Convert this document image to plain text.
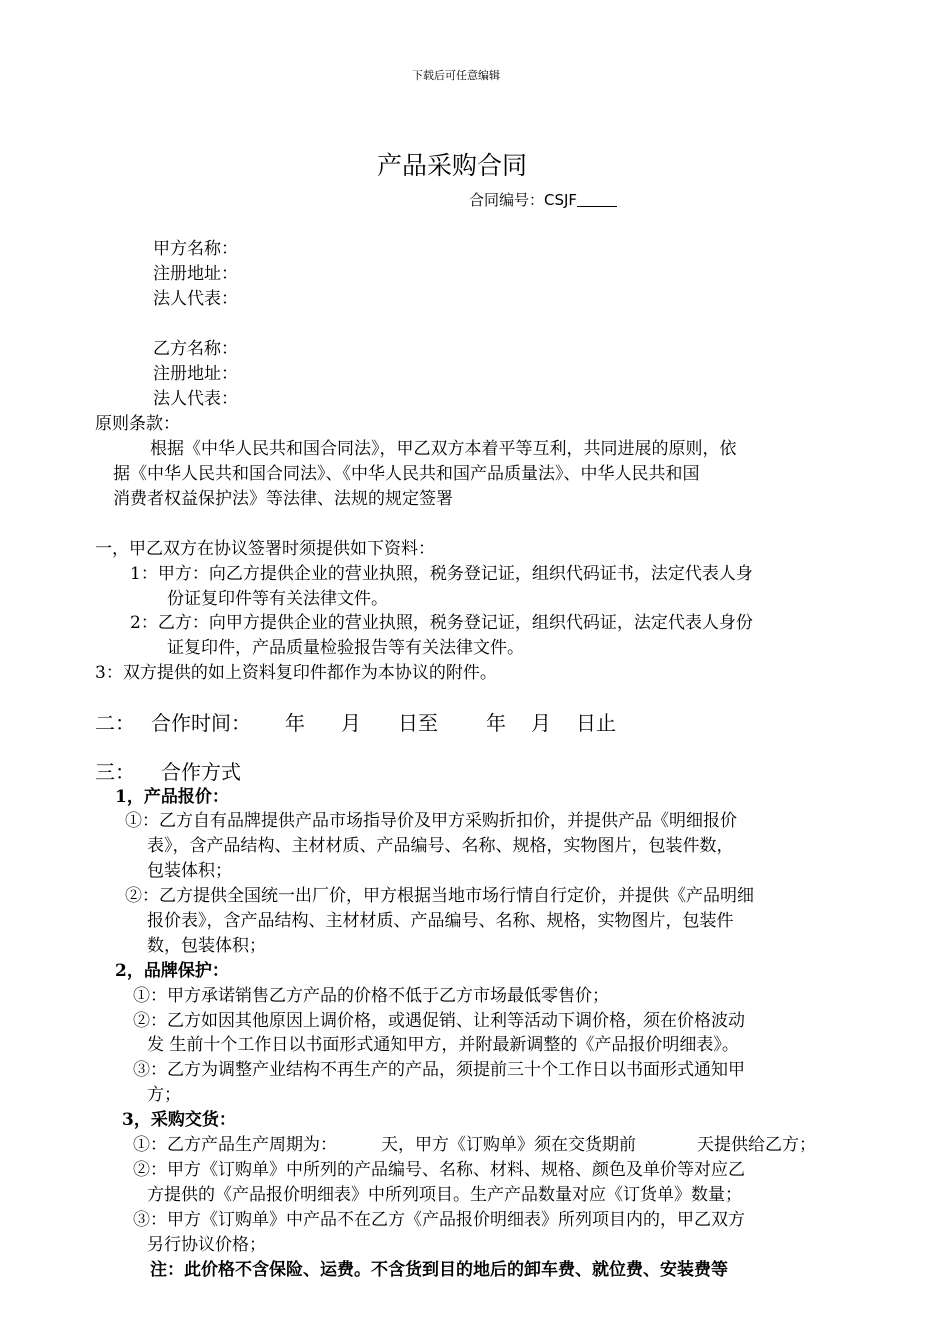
下载后可任意编辑
产品采购合同
合同编号：CSJF
甲方名称：
注册地址：
法人代表：
乙方名称：
注册地址：
法人代表：
原则条款：
根据《中华人民共和国合同法》，甲乙双方本着平等互利，共同进展的原则，依
据《中华人民共和国合同法》、《中华人民共和国产品质量法》、中华人民共和国
消费者权益保护法》等法律、法规的规定签署
一，甲乙双方在协议签署时须提供如下资料：
1：甲方：向乙方提供企业的营业执照，税务登记证，组织代码证书，法定代表人身
份证复印件等有关法律文件。
2：乙方：向甲方提供企业的营业执照，税务登记证，组织代码证，法定代表人身份
证复印件，产品质量检验报告等有关法律文件。
3：双方提供的如上资料复印件都作为本协议的附件。
二： 合作时间： 年 月 日至 年 月 日止
三： 合作方式
1，产品报价：
①：乙方自有品牌提供产品市场指导价及甲方采购折扣价，并提供产品《明细报价
表》，含产品结构、主材材质、产品编号、名称、规格，实物图片，包装件数，
包装体积；
②：乙方提供全国统一出厂价，甲方根据当地市场行情自行定价，并提供《产品明细
报价表》，含产品结构、主材材质、产品编号、名称、规格，实物图片，包装件
数，包装体积；
2，品牌保护：
①：甲方承诺销售乙方产品的价格不低于乙方市场最低零售价；
②：乙方如因其他原因上调价格，或遇促销、让利等活动下调价格，须在价格波动
发 生前十个工作日以书面形式通知甲方，并附最新调整的《产品报价明细表》。
③：乙方为调整产业结构不再生产的产品，须提前三十个工作日以书面形式通知甲
方；
3，采购交货：
①：乙方产品生产周期为：	天，甲方《订购单》须在交货期前	天提供给乙方；
②：甲方《订购单》中所列的产品编号、名称、材料、规格、颜色及单价等对应乙
方提供的《产品报价明细表》中所列项目。生产产品数量对应《订货单》数量；
③：甲方《订购单》中产品不在乙方《产品报价明细表》所列项目内的，甲乙双方
另行协议价格；
注：此价格不含保险、运费。不含货到目的地后的卸车费、就位费、安装费等
